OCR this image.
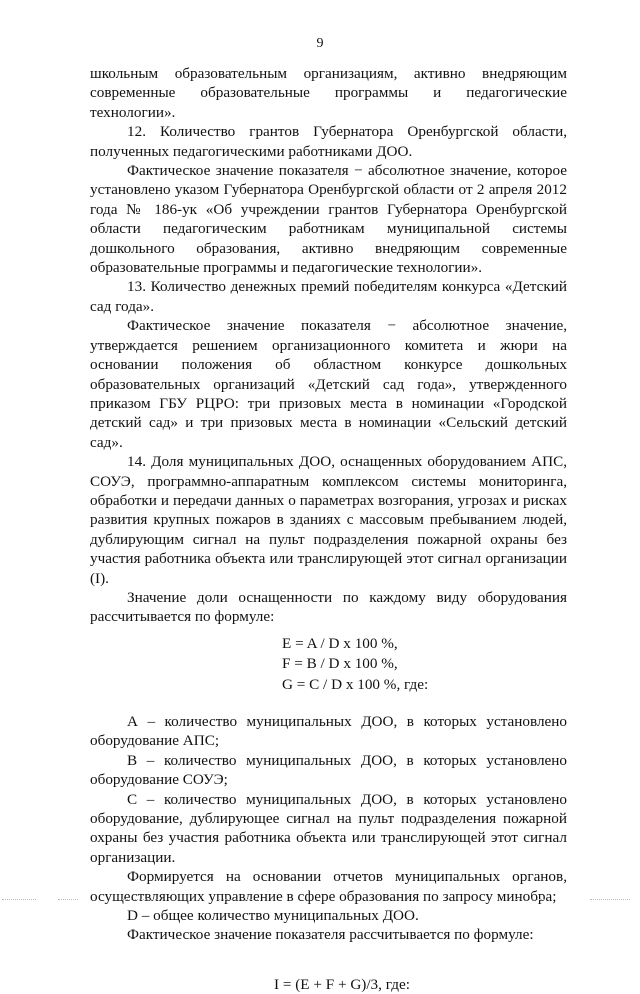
9

школьным образовательным организациям, активно внедряющим современные образовательные программы и педагогические технологии».

12. Количество грантов Губернатора Оренбургской области, полученных педагогическими работниками ДОО.

Фактическое значение показателя − абсолютное значение, которое установлено указом Губернатора Оренбургской области от 2 апреля 2012 года № 186-ук «Об учреждении грантов Губернатора Оренбургской области педагогическим работникам муниципальной системы дошкольного образования, активно внедряющим современные образовательные программы и педагогические технологии».

13. Количество денежных премий победителям конкурса «Детский сад года».

Фактическое значение показателя − абсолютное значение, утверждается решением организационного комитета и жюри на основании положения об областном конкурсе дошкольных образовательных организаций «Детский сад года», утвержденного приказом ГБУ РЦРО: три призовых места в номинации «Городской детский сад» и три призовых места в номинации «Сельский детский сад».

14. Доля муниципальных ДОО, оснащенных оборудованием АПС, СОУЭ, программно-аппаратным комплексом системы мониторинга, обработки и передачи данных о параметрах возгорания, угрозах и рисках развития крупных пожаров в зданиях с массовым пребыванием людей, дублирующим сигнал на пульт подразделения пожарной охраны без участия работника объекта или транслирующей этот сигнал организации (I).

Значение доли оснащенности по каждому виду оборудования рассчитывается по формуле:

E = A / D x 100 %,
F = B / D x 100 %,
G = C / D x 100 %, где:

А – количество муниципальных ДОО, в которых установлено оборудование АПС;

В – количество муниципальных ДОО, в которых установлено оборудование СОУЭ;

С – количество муниципальных ДОО, в которых установлено оборудование, дублирующее сигнал на пульт подразделения пожарной охраны без участия работника объекта или транслирующей этот сигнал организации.

Формируется на основании отчетов муниципальных органов, осуществляющих управление в сфере образования по запросу минобра;

D – общее количество муниципальных ДОО.

Фактическое значение показателя рассчитывается по формуле:

I = (E + F + G)/3, где:
